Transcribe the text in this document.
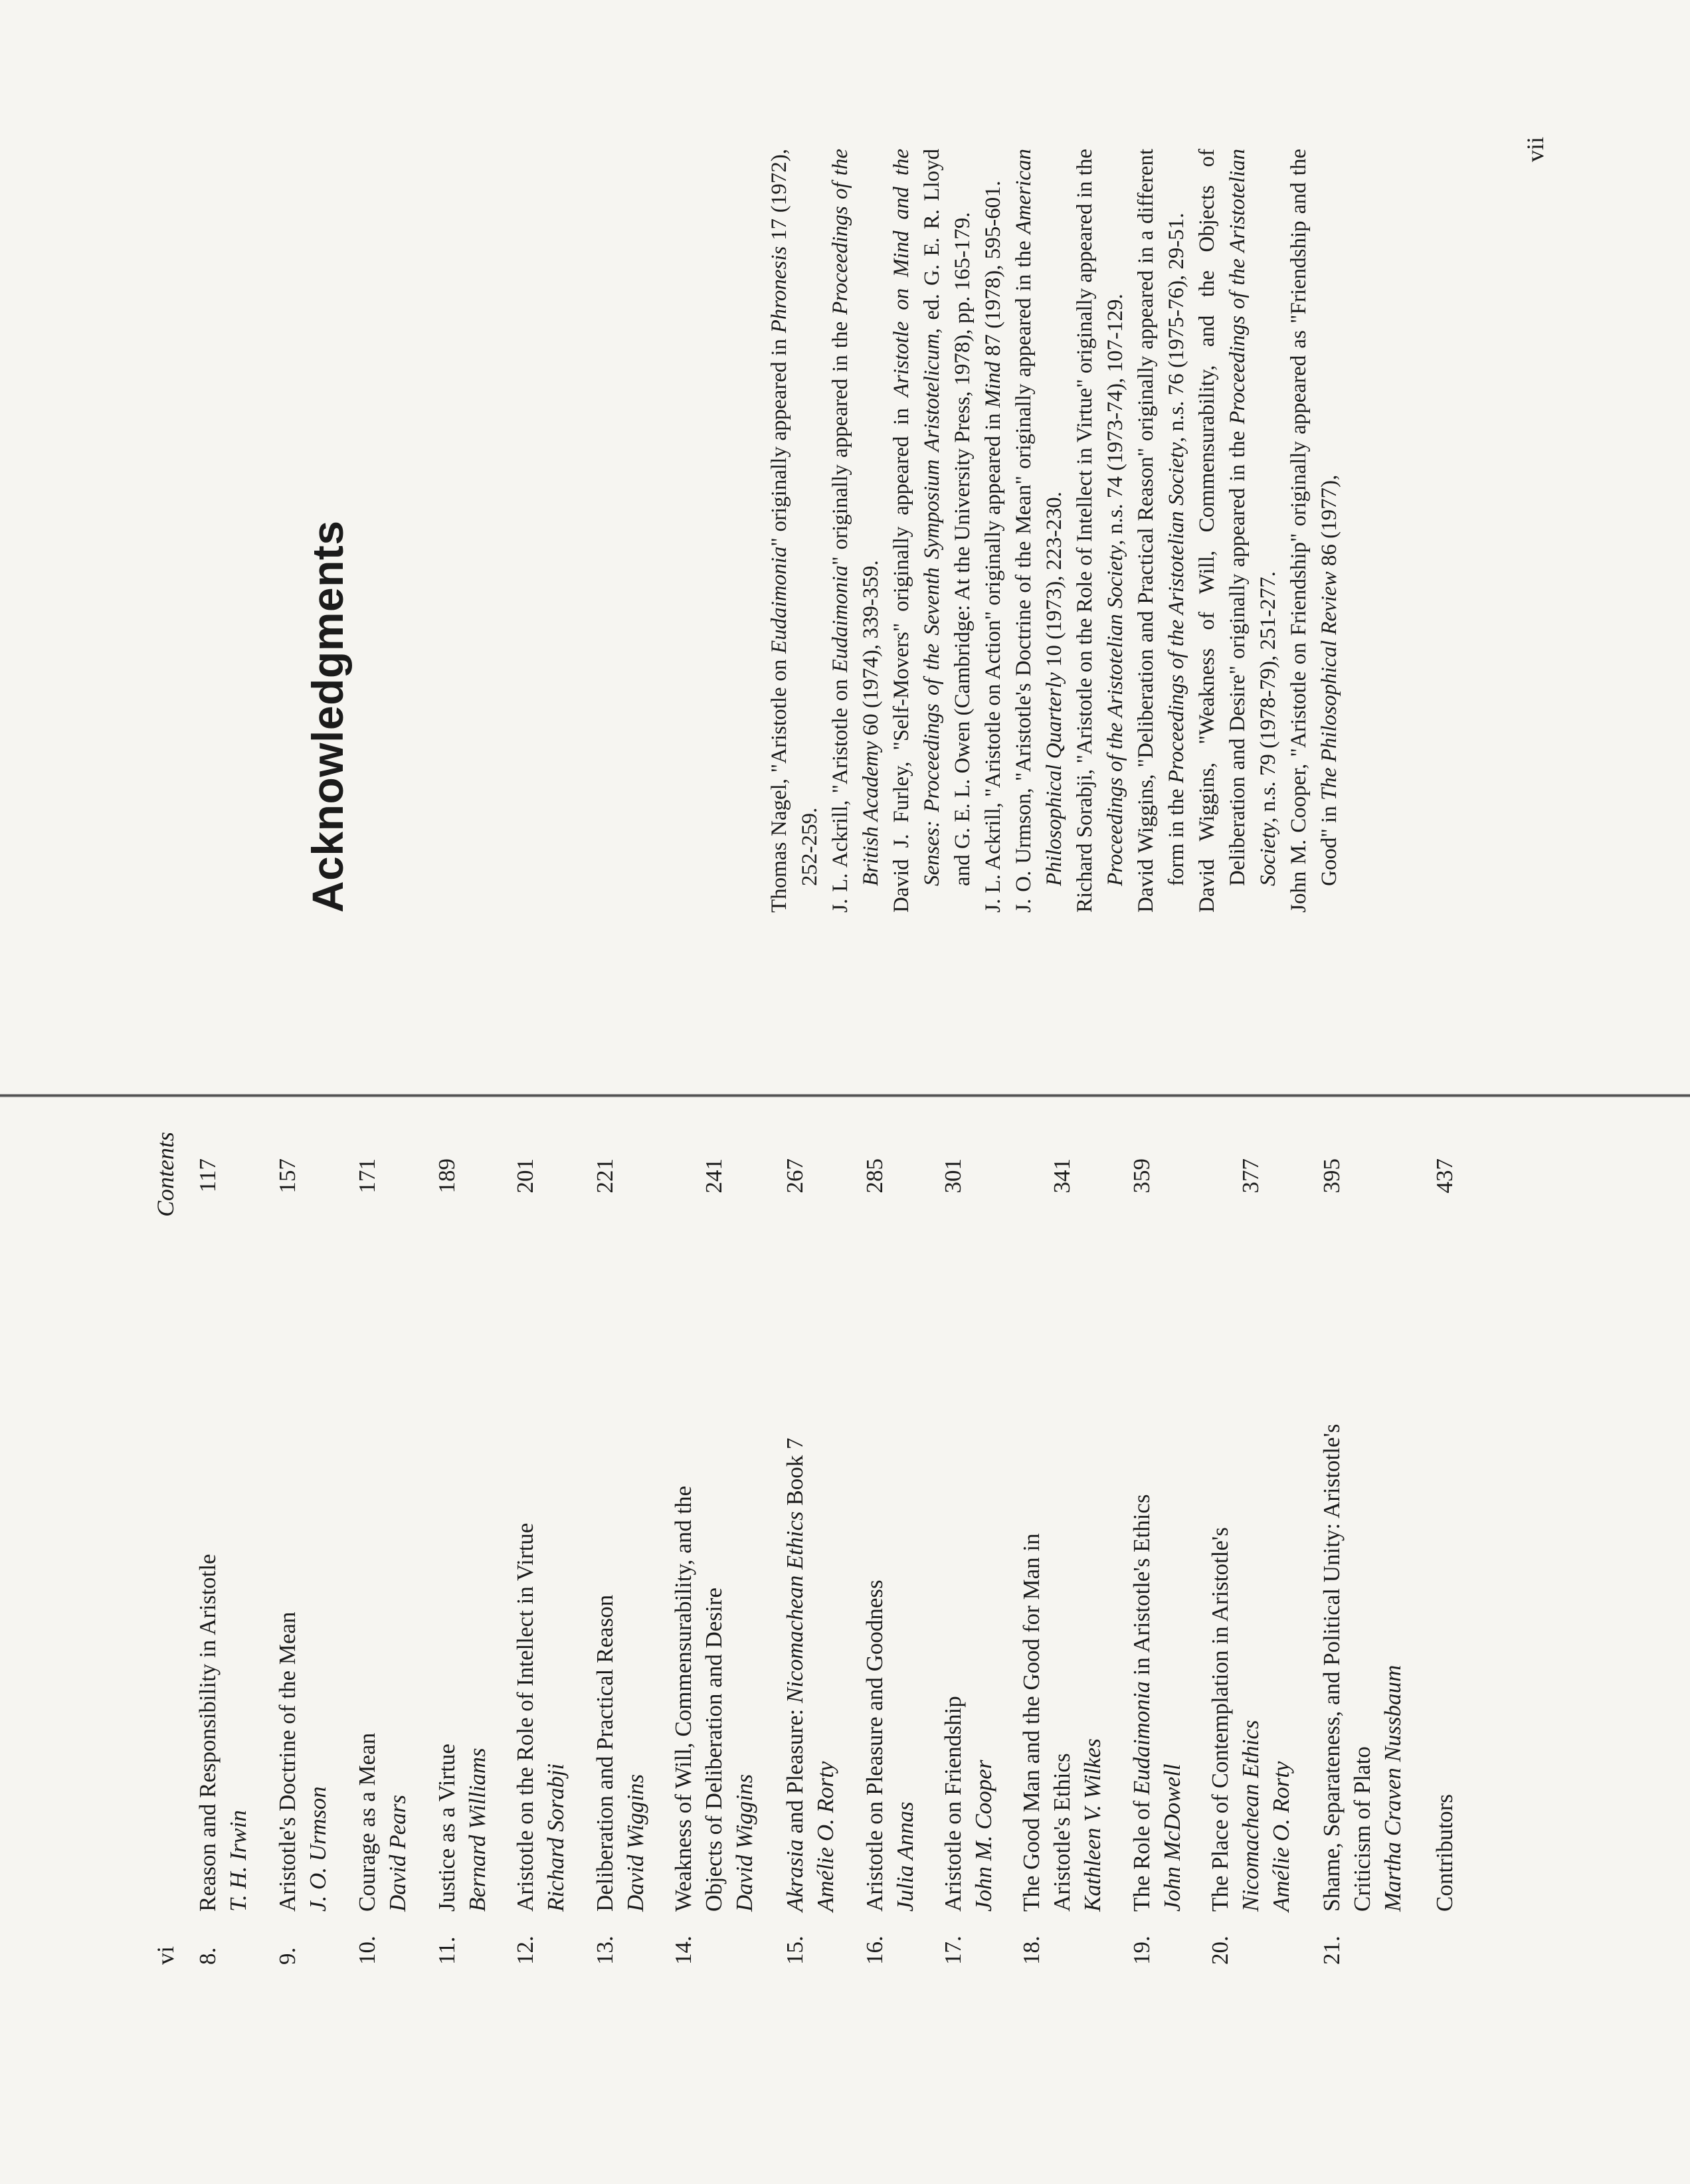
vi
Contents
8.
Reason and Responsibility in Aristotle T. H. Irwin
117
9.
Aristotle's Doctrine of the Mean J. O. Urmson
157
10.
Courage as a Mean David Pears
171
11.
Justice as a Virtue Bernard Williams
189
12.
Aristotle on the Role of Intellect in Virtue Richard Sorabji
201
13.
Deliberation and Practical Reason David Wiggins
221
14.
Weakness of Will, Commensurability, and the Objects of Deliberation and Desire David Wiggins
241
15.
Akrasia and Pleasure: Nicomachean Ethics Book 7
Amélie O. Rorty
267
16.
Aristotle on Pleasure and Goodness Julia Annas
285
17.
Aristotle on Friendship John M. Cooper
301
18.
The Good Man and the Good for Man in Aristotle's Ethics Kathleen V. Wilkes
341
19.
The Role of Eudaimonia in Aristotle's Ethics
John McDowell
359
20.
The Place of Contemplation in Aristotle's Nicomachean Ethics Amélie O. Rorty
377
21.
Shame, Separateness, and Political Unity: Aristotle's Criticism of Plato Martha Craven Nussbaum
395
Contributors
437
Acknowledgments	Thomas Nagel, "Aristotle on Eudaimonia" originally appeared in Phronesis 17 (1972), 252-259. J. L. Ackrill, "Aristotle on Eudaimonia" originally appeared in the Proceedings of the British Academy 60 (1974), 339-359. David J. Furley, "Self-Movers" originally appeared in Aristotle on Mind and the Senses: Proceedings of the Seventh Symposium Aristotelicum, ed. G. E. R. Lloyd and G. E. L. Owen (Cambridge: At the University Press, 1978), pp. 165-179. J. L. Ackrill, "Aristotle on Action" originally appeared in Mind 87 (1978), 595-601. J. O. Urmson, "Aristotle's Doctrine of the Mean" originally appeared in the American Philosophical Quarterly 10 (1973), 223-230. Richard Sorabji, "Aristotle on the Role of Intellect in Virtue" originally appeared in the Proceedings of the Aristotelian Society, n.s. 74 (1973-74), 107-129. David Wiggins, "Deliberation and Practical Reason" originally appeared in a different form in the Proceedings of the Aristotelian Society, n.s. 76 (1975-76), 29-51. David Wiggins, "Weakness of Will, Commensurability, and the Objects of Deliberation and Desire" originally appeared in the Proceedings of the Aristotelian Society, n.s. 79 (1978-79), 251-277. John M. Cooper, "Aristotle on Friendship" originally appeared as "Friendship and the Good" in The Philosophical Review 86 (1977),

vii
